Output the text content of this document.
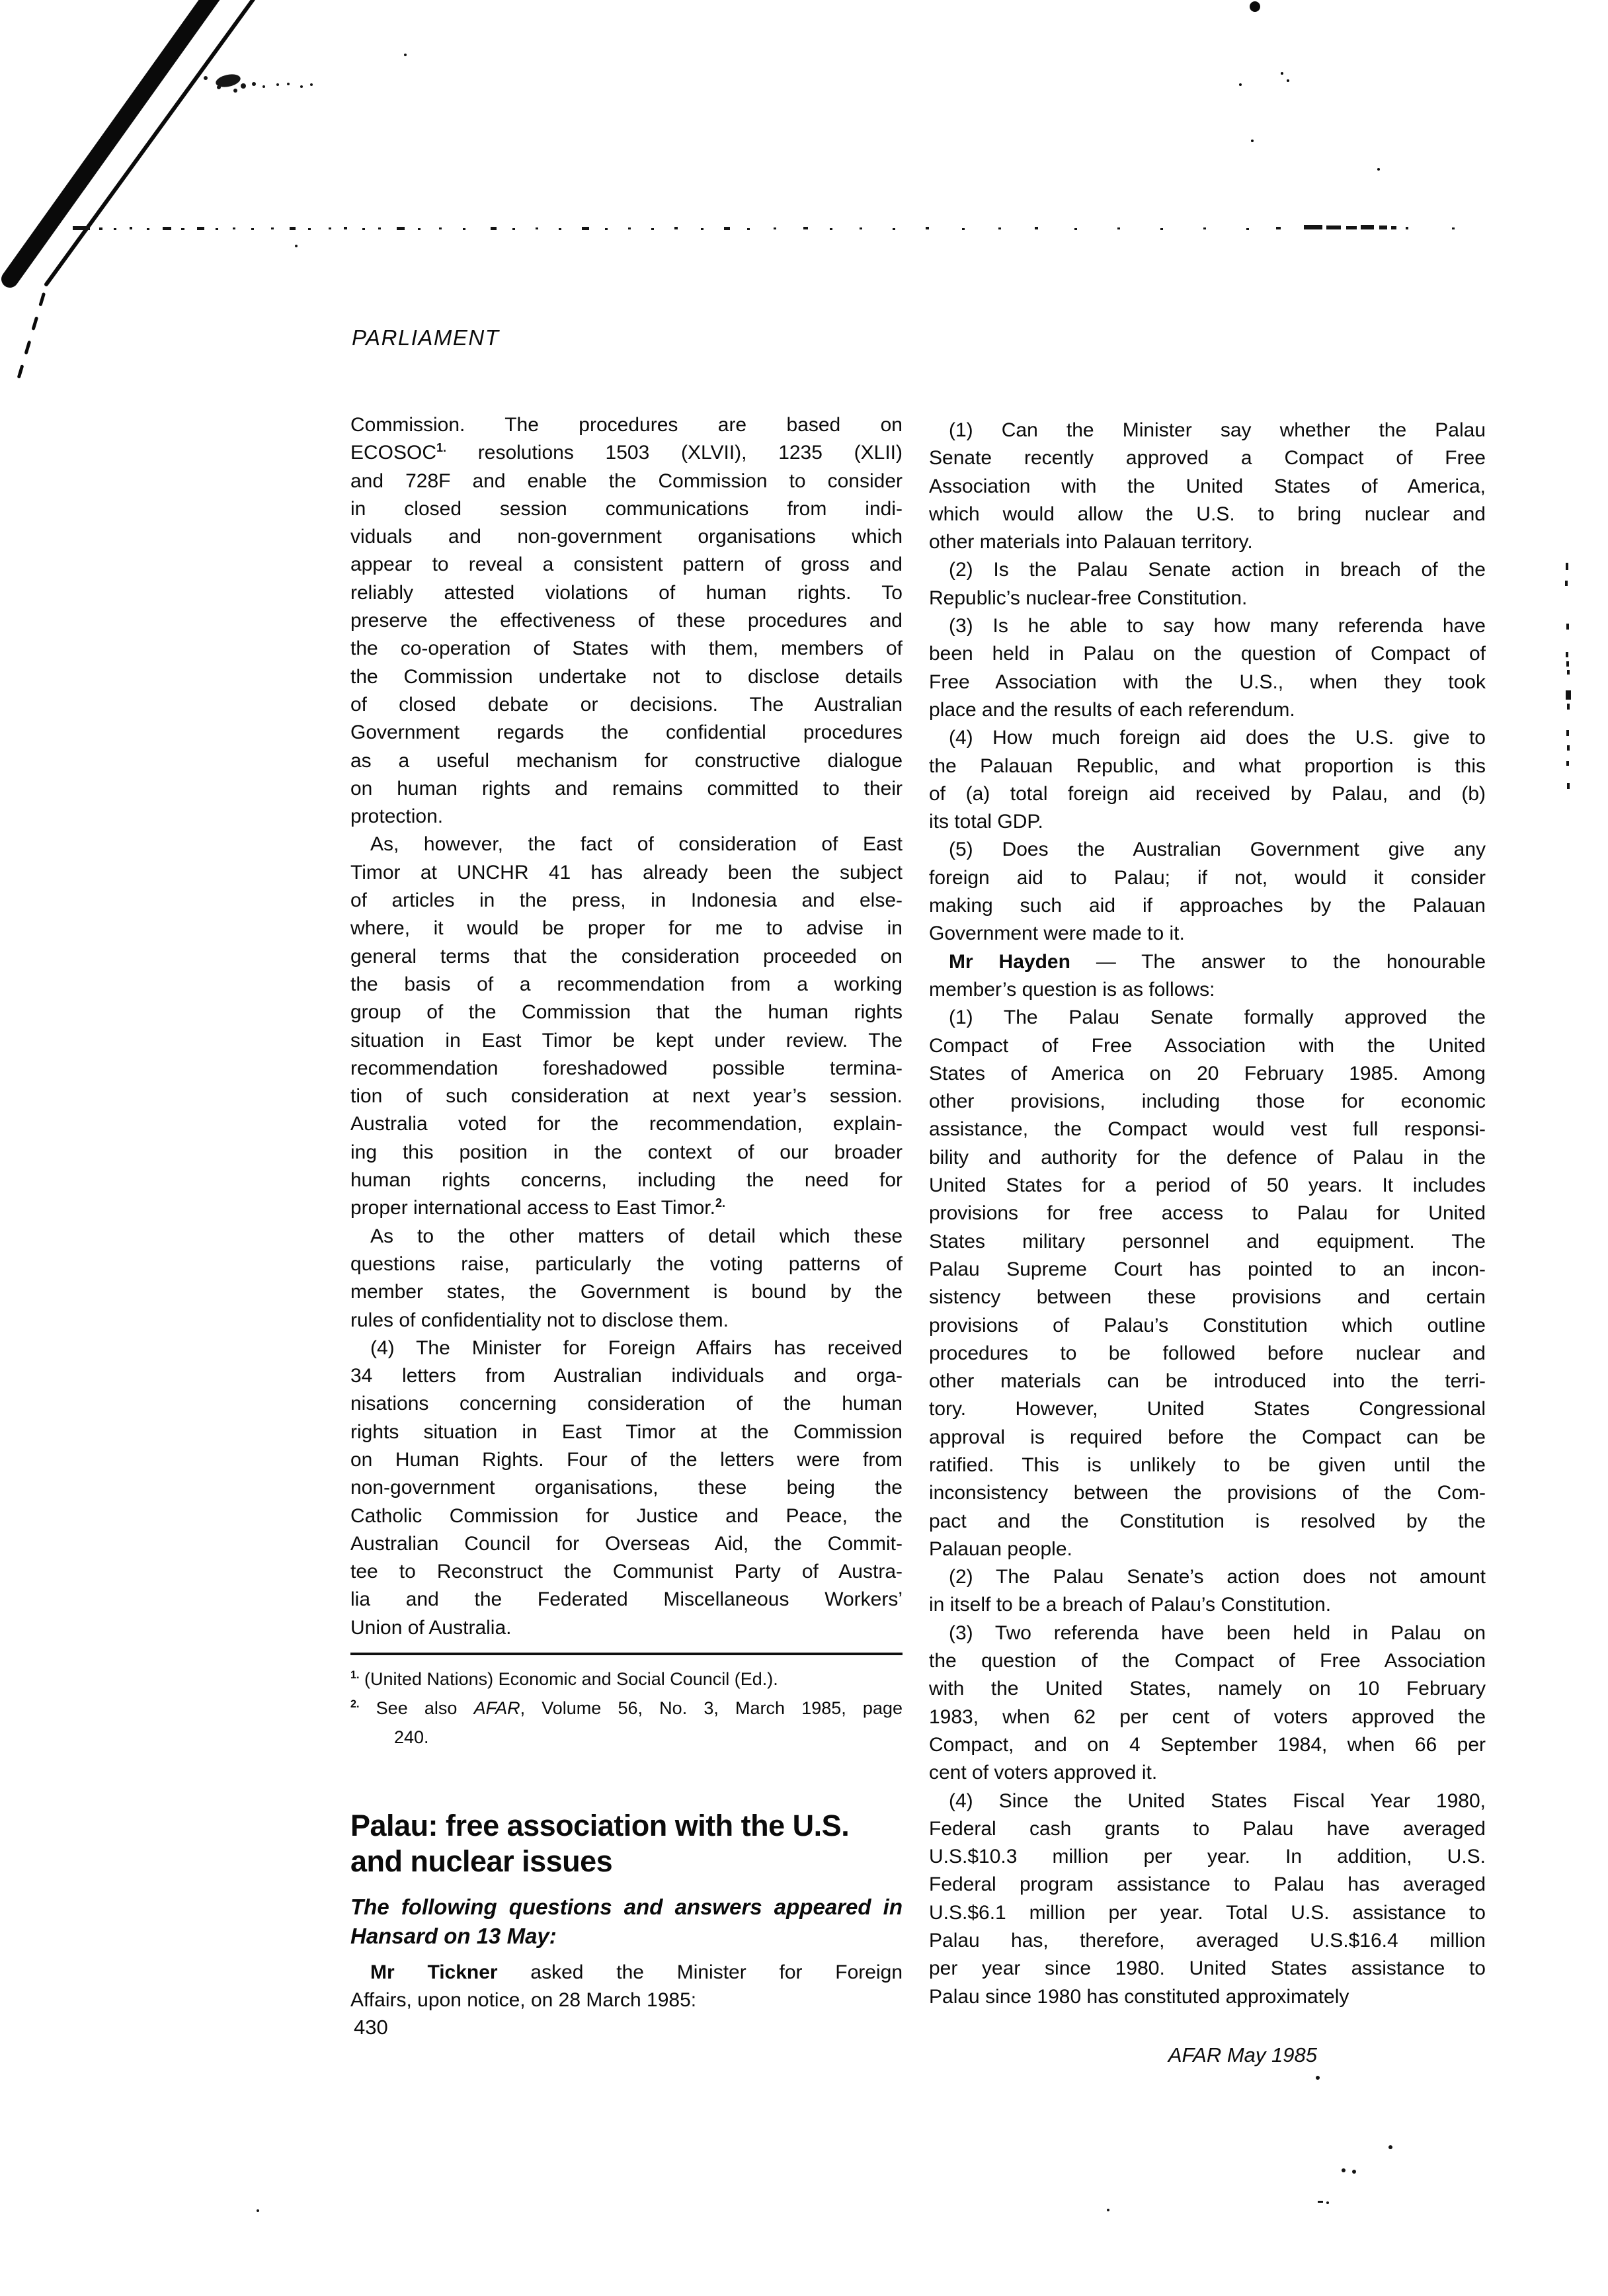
PARLIAMENT
Commission. The procedures are based on
$ECOSOC^{1.}$ resolutions 1503 (XLVII), 1235 (XLII)
and 728F and enable the Commission to consider
in closed session communications from indi-
viduals and non-government organisations which
appear to reveal a consistent pattern of gross and
reliably attested violations of human rights. To
preserve the effectiveness of these procedures and
the co-operation of States with them, members of
the Commission undertake not to disclose details
of closed debate or decisions. The Australian
Government regards the confidential procedures
as a useful mechanism for constructive dialogue
on human rights and remains committed to their
protection.
As, however, the fact of consideration of East
Timor at UNCHR 41 has already been the subject
of articles in the press, in Indonesia and else-
where, it would be proper for me to advise in
general terms that the consideration proceeded on
the basis of a recommendation from a working
group of the Commission that the human rights
situation in East Timor be kept under review. The
recommendation foreshadowed possible termina-
tion of such consideration at next year’s session.
Australia voted for the recommendation, explain-
ing this position in the context of our broader
human rights concerns, including the need for
proper international access to East Timor.$^{2.}$
As to the other matters of detail which these
questions raise, particularly the voting patterns of
member states, the Government is bound by the
rules of confidentiality not to disclose them.
(4) The Minister for Foreign Affairs has received
34 letters from Australian individuals and orga-
nisations concerning consideration of the human
rights situation in East Timor at the Commission
on Human Rights. Four of the letters were from
non-government organisations, these being the
Catholic Commission for Justice and Peace, the
Australian Council for Overseas Aid, the Commit-
tee to Reconstruct the Communist Party of Austra-
lia and the Federated Miscellaneous Workers’
Union of Australia.
$^{1.}$ (United Nations) Economic and Social Council (Ed.).
$^{2.}$ See also AFAR, Volume 56, No. 3, March 1985, page
240.
Palau: free association with the U.S.
and nuclear issues
The following questions and answers appeared in
Hansard on 13 May:
Mr Tickner asked the Minister for Foreign
Affairs, upon notice, on 28 March 1985:
(1) Can the Minister say whether the Palau
Senate recently approved a Compact of Free
Association with the United States of America,
which would allow the U.S. to bring nuclear and
other materials into Palauan territory.
(2) Is the Palau Senate action in breach of the
Republic’s nuclear-free Constitution.
(3) Is he able to say how many referenda have
been held in Palau on the question of Compact of
Free Association with the U.S., when they took
place and the results of each referendum.
(4) How much foreign aid does the U.S. give to
the Palauan Republic, and what proportion is this
of (a) total foreign aid received by Palau, and (b)
its total GDP.
(5) Does the Australian Government give any
foreign aid to Palau; if not, would it consider
making such aid if approaches by the Palauan
Government were made to it.
Mr Hayden — The answer to the honourable
member’s question is as follows:
(1) The Palau Senate formally approved the
Compact of Free Association with the United
States of America on 20 February 1985. Among
other provisions, including those for economic
assistance, the Compact would vest full responsi-
bility and authority for the defence of Palau in the
United States for a period of 50 years. It includes
provisions for free access to Palau for United
States military personnel and equipment. The
Palau Supreme Court has pointed to an incon-
sistency between these provisions and certain
provisions of Palau’s Constitution which outline
procedures to be followed before nuclear and
other materials can be introduced into the terri-
tory. However, United States Congressional
approval is required before the Compact can be
ratified. This is unlikely to be given until the
inconsistency between the provisions of the Com-
pact and the Constitution is resolved by the
Palauan people.
(2) The Palau Senate’s action does not amount
in itself to be a breach of Palau’s Constitution.
(3) Two referenda have been held in Palau on
the question of the Compact of Free Association
with the United States, namely on 10 February
1983, when 62 per cent of voters approved the
Compact, and on 4 September 1984, when 66 per
cent of voters approved it.
(4) Since the United States Fiscal Year 1980,
Federal cash grants to Palau have averaged
U.S.$10.3 million per year. In addition, U.S.
Federal program assistance to Palau has averaged
U.S.$6.1 million per year. Total U.S. assistance to
Palau has, therefore, averaged U.S.$16.4 million
per year since 1980. United States assistance to
Palau since 1980 has constituted approximately
430
AFAR May 1985
